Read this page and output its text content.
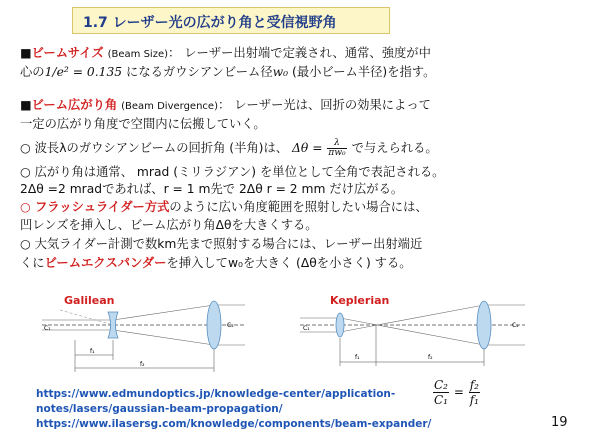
1.7 レーザー光の広がり角と受信視野角
■ビームサイズ (Beam Size)： レーザー出射端で定義され、通常、強度が中
心の1/e² = 0.135 になるガウシアンビーム径w₀ (最小ビーム半径)を指す。
■ビーム広がり角 (Beam Divergence)： レーザー光は、回折の効果によって
一定の広がり角度で空間内に伝搬していく。
○ 波長λのガウシアンビームの回折角 (半角)は、 $\Delta\theta = \frac{\lambda}{\text{πw₀}}$ で与えられる。
○ 広がり角は通常、 mrad (ミリラジアン) を単位として全角で表記される。
2Δθ =2 mradであれば、r = 1 m先で 2Δθ r = 2 mm だけ広がる。
○ フラッシュライダー方式のように広い角度範囲を照射したい場合には、
凹レンズを挿入し、ビーム広がり角Δθを大きくする。
○ 大気ライダー計測で数km先まで照射する場合には、レーザー出射端近
くにビームエクスパンダーを挿入してw₀を大きく (Δθを小さく) する。
Galilean	Keplerian
C₁	C₂
f₁
f₂
C₁	C₂
f₁	f₂
https://www.edmundoptics.jp/knowledge-center/application-
notes/lasers/gaussian-beam-propagation/
https://www.ilasersg.com/knowledge/components/beam-expander/
$\frac{\text{C₂}}{\text{C₁}} = \frac{\text{f₂}}{\text{f₁}}$
19
